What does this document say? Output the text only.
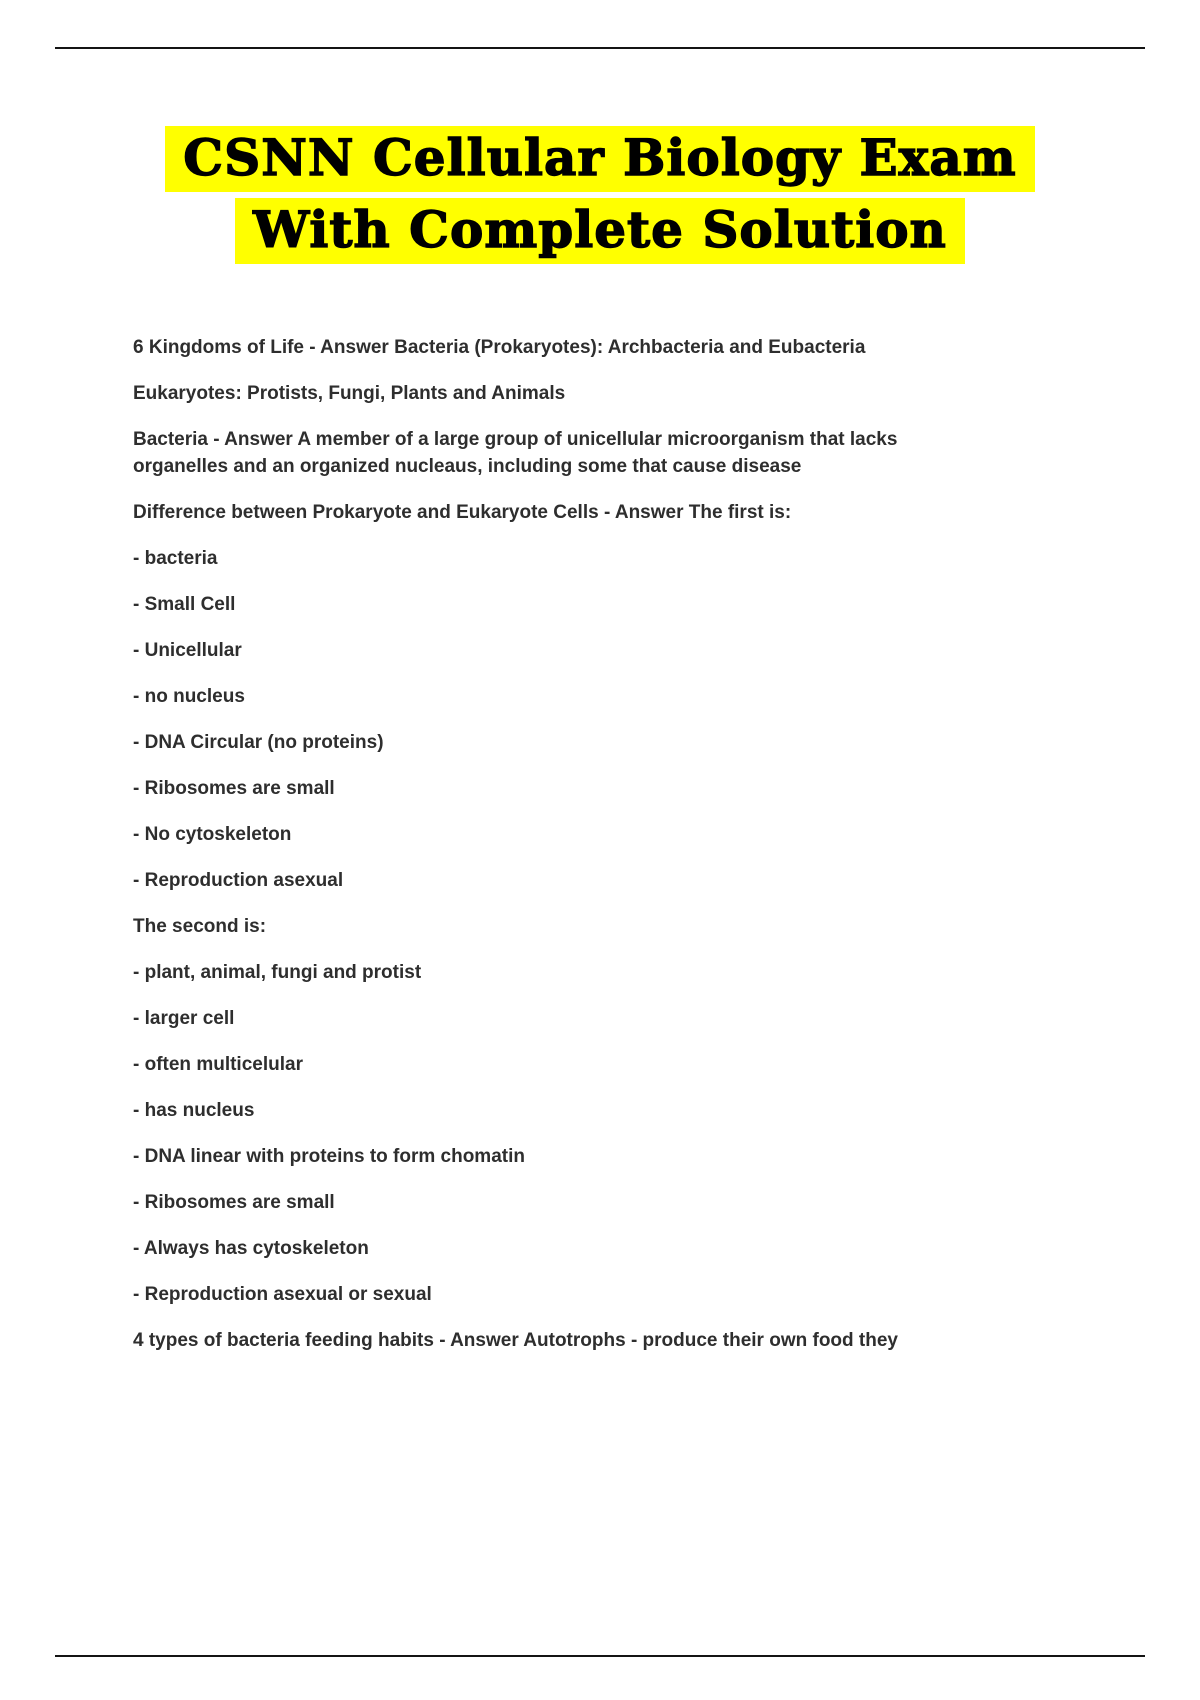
CSNN Cellular Biology Exam
With Complete Solution

6 Kingdoms of Life - Answer Bacteria (Prokaryotes): Archbacteria and Eubacteria

Eukaryotes: Protists, Fungi, Plants and Animals

Bacteria - Answer A member of a large group of unicellular microorganism that lacks organelles and an organized nucleaus, including some that cause disease

Difference between Prokaryote and Eukaryote Cells - Answer The first is:

- bacteria

- Small Cell

- Unicellular

- no nucleus

- DNA Circular (no proteins)

- Ribosomes are small

- No cytoskeleton

- Reproduction asexual

The second is:

- plant, animal, fungi and protist

- larger cell

- often multicelular

- has nucleus

- DNA linear with proteins to form chomatin

- Ribosomes are small

- Always has cytoskeleton

- Reproduction asexual or sexual

4 types of bacteria feeding habits - Answer Autotrophs - produce their own food they
